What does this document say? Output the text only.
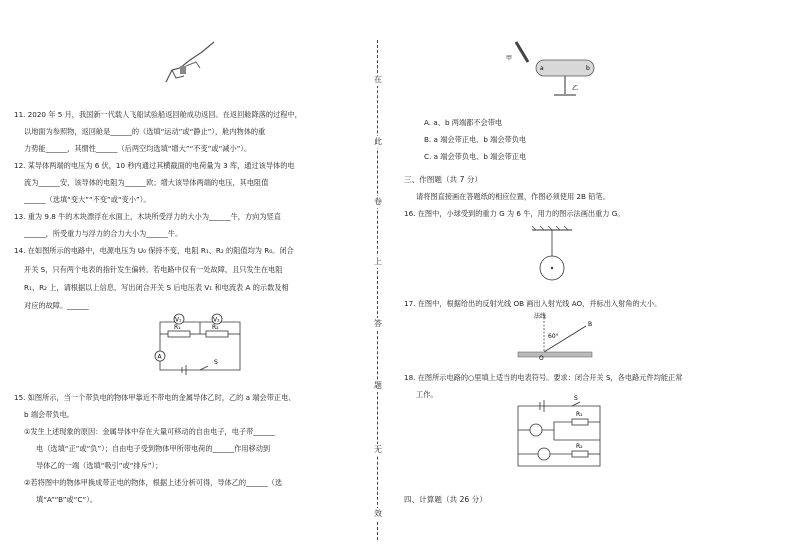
11. 2020 年 5 月，我国新一代载人飞船试验船返回舱成功返回。在返回舱降落的过程中，
以地面为参照物，返回舱是______的（选填“运动”或“静止”），舱内物体的重
力势能______，其惯性______（后两空均选填“增大”“不变”或“减小”）。
12. 某导体两端的电压为 6 伏，10 秒内通过其横截面的电荷量为 3 库，通过该导体的电
流为______安，该导体的电阻为______欧；增大该导体两端的电压，其电阻值
______（选填“变大”“不变”或“变小”）。
13. 重为 9.8 牛的木块漂浮在水面上，木块所受浮力的大小为______牛，方向为竖直
______，所受重力与浮力的合力大小为______牛。
14. 在如图所示的电路中，电源电压为 U₀ 保持不变，电阻 R₁、R₂ 的阻值均为 R₀。闭合
开关 S，只有两个电表的指针发生偏转。若电路中仅有一处故障，且只发生在电阻
R₁、R₂ 上，请根据以上信息，写出闭合开关 S 后电压表 V₁ 和电流表 A 的示数及相
对应的故障。______
V₁	V₂
R₁	R₂
A
S
15. 如图所示，当一个带负电的物体甲靠近不带电的金属导体乙时，乙的 a 端会带正电、
b 端会带负电。
①发生上述现象的原因：金属导体中存在大量可移动的自由电子，电子带______
电（选填“正”或“负”）；自由电子受到物体甲所带电荷的______作用移动到
导体乙的一端（选填“吸引”或“排斥”）；
②若将图中的物体甲换成带正电的物体，根据上述分析可得，导体乙的______（选
填“A”“B”或“C”）。
在
此
卷
上
答
题
无
效
甲
a	b
乙
A. a、b 两端都不会带电
B. a 端会带正电、b 端会带负电
C. a 端会带负电、b 端会带正电
三、作图题（共 7 分）
请将图直接画在答题纸的相应位置，作图必须使用 2B 铅笔。
16. 在图中，小球受到的重力 G 为 6 牛，用力的图示法画出重力 G。
17. 在图中，根据给出的反射光线 OB 画出入射光线 AO，并标出入射角的大小。
法线
60°
B
O
18. 在图所示电路的○里填上适当的电表符号。要求：闭合开关 S，各电路元件均能正常
工作。	S
R₁
R₂
四、计算题（共 26 分）
